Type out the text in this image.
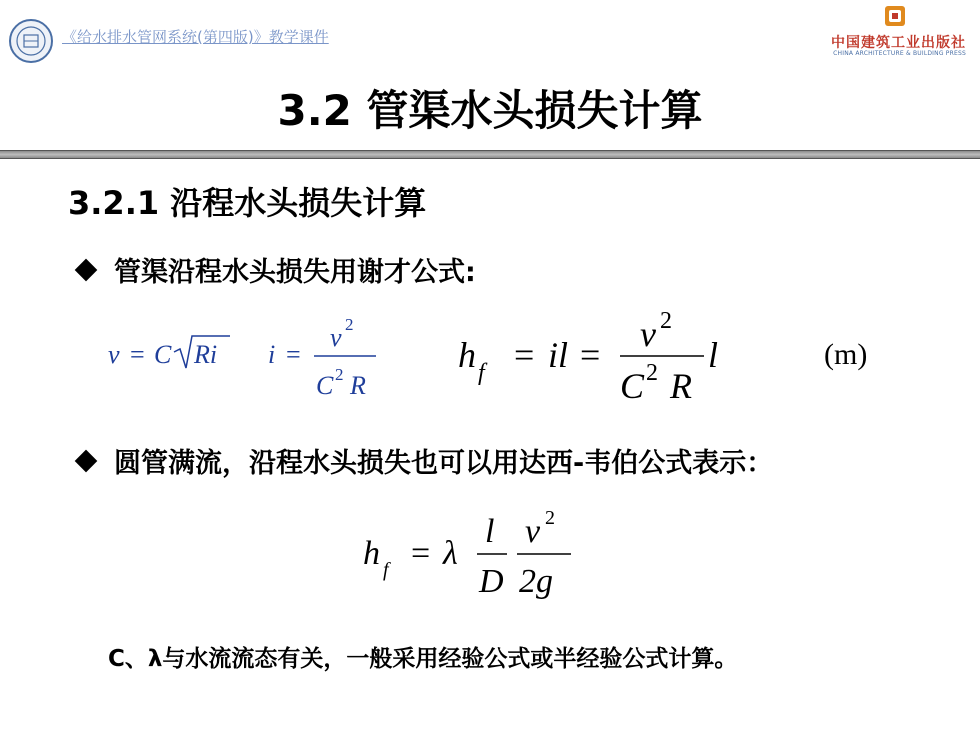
《给水排水管网系统(第四版)》教学课件	中国建筑工业出版社
CHINA ARCHITECTURE & BUILDING PRESS
3.2 管渠水头损失计算
3.2.1 沿程水头损失计算
管渠沿程水头损失用谢才公式:
v = C Ri i =
v 2
C 2 R
h f = il =
v 2
C 2 R
l	(m)
圆管满流，沿程水头损失也可以用达西-韦伯公式表示：
h f = λ
l
D
v 2
2g
C、λ与水流流态有关，一般采用经验公式或半经验公式计算。
